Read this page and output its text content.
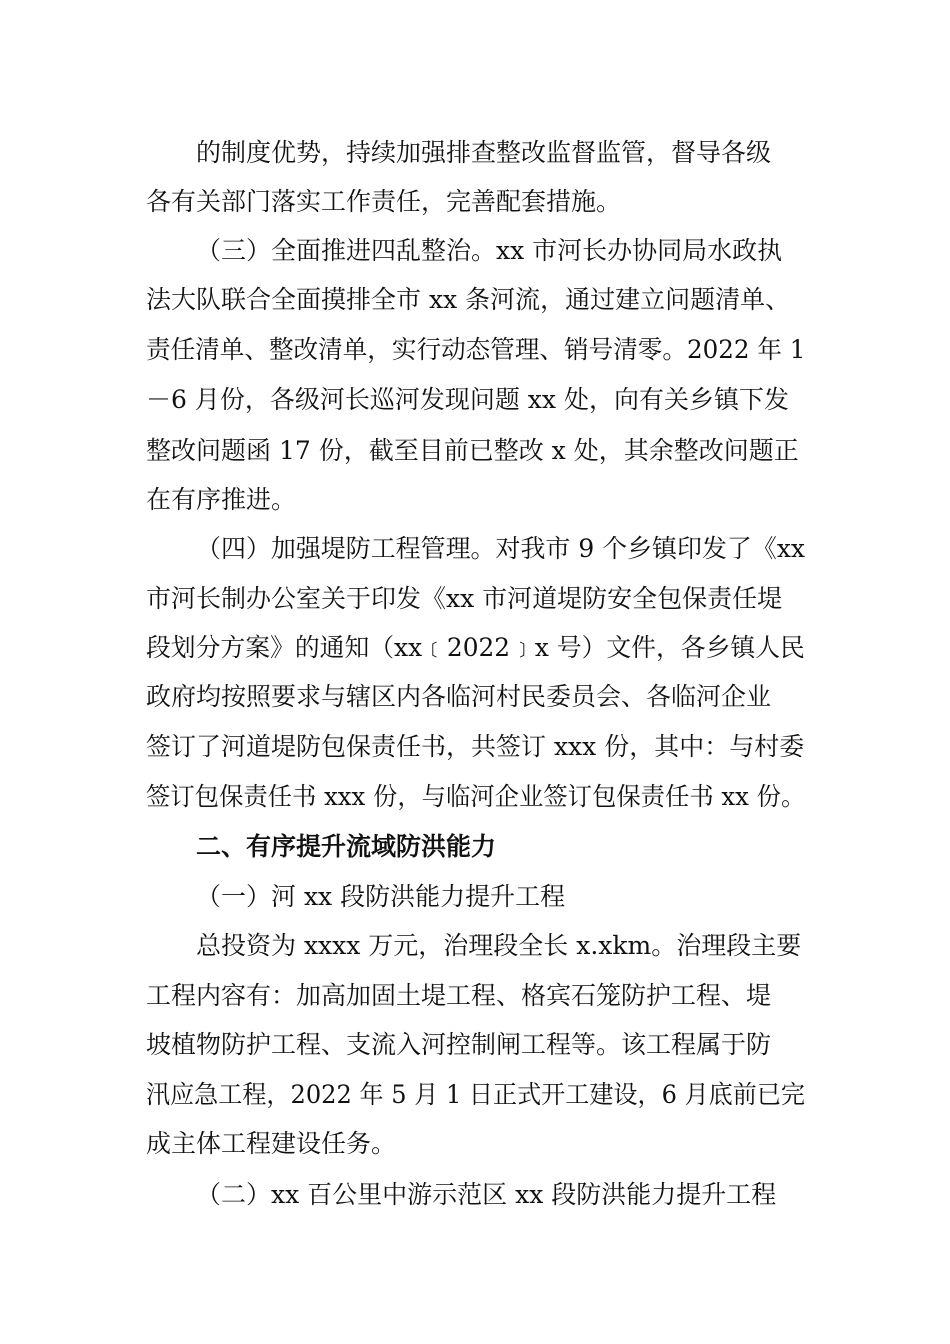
的制度优势，持续加强排查整改监督监管，督导各级
各有关部门落实工作责任，完善配套措施。
（三）全面推进四乱整治。xx 市河长办协同局水政执
法大队联合全面摸排全市 xx 条河流，通过建立问题清单、
责任清单、整改清单，实行动态管理、销号清零。2022 年 1
－6 月份，各级河长巡河发现问题 xx 处，向有关乡镇下发
整改问题函 17 份，截至目前已整改 x 处，其余整改问题正
在有序推进。
（四）加强堤防工程管理。对我市 9 个乡镇印发了《xx
市河长制办公室关于印发《xx 市河道堤防安全包保责任堤
段划分方案》的通知（xx﹝2022﹞x 号）文件，各乡镇人民
政府均按照要求与辖区内各临河村民委员会、各临河企业
签订了河道堤防包保责任书，共签订 xxx 份，其中：与村委
签订包保责任书 xxx 份，与临河企业签订包保责任书 xx 份。
二、有序提升流域防洪能力
（一）河 xx 段防洪能力提升工程
总投资为 xxxx 万元，治理段全长 x.xkm。治理段主要
工程内容有：加高加固土堤工程、格宾石笼防护工程、堤
坡植物防护工程、支流入河控制闸工程等。该工程属于防
汛应急工程，2022 年 5 月 1 日正式开工建设，6 月底前已完
成主体工程建设任务。
（二）xx 百公里中游示范区 xx 段防洪能力提升工程
